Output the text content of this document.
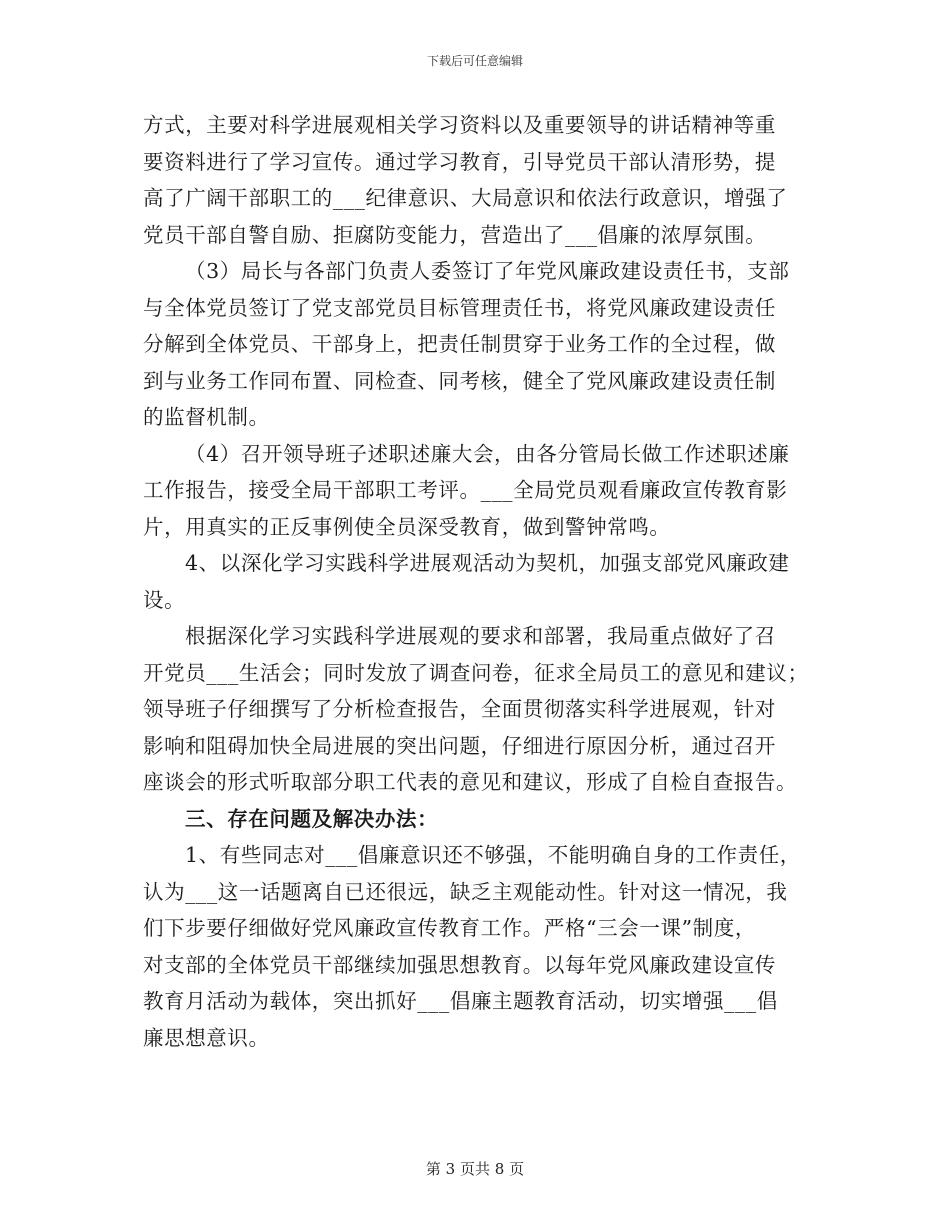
下载后可任意编辑
方式，主要对科学进展观相关学习资料以及重要领导的讲话精神等重
要资料进行了学习宣传。通过学习教育，引导党员干部认清形势，提
高了广阔干部职工的___纪律意识、大局意识和依法行政意识，增强了
党员干部自警自励、拒腐防变能力，营造出了___倡廉的浓厚氛围。
（3）局长与各部门负责人委签订了年党风廉政建设责任书，支部
与全体党员签订了党支部党员目标管理责任书，将党风廉政建设责任
分解到全体党员、干部身上，把责任制贯穿于业务工作的全过程，做
到与业务工作同布置、同检查、同考核，健全了党风廉政建设责任制
的监督机制。
（4）召开领导班子述职述廉大会，由各分管局长做工作述职述廉
工作报告，接受全局干部职工考评。___全局党员观看廉政宣传教育影
片，用真实的正反事例使全员深受教育，做到警钟常鸣。
4、以深化学习实践科学进展观活动为契机，加强支部党风廉政建
设。
根据深化学习实践科学进展观的要求和部署，我局重点做好了召
开党员___生活会；同时发放了调查问卷，征求全局员工的意见和建议；
领导班子仔细撰写了分析检查报告，全面贯彻落实科学进展观，针对
影响和阻碍加快全局进展的突出问题，仔细进行原因分析，通过召开
座谈会的形式听取部分职工代表的意见和建议，形成了自检自查报告。
三、存在问题及解决办法：
1、有些同志对___倡廉意识还不够强，不能明确自身的工作责任，
认为___这一话题离自已还很远，缺乏主观能动性。针对这一情况，我
们下步要仔细做好党风廉政宣传教育工作。严格“三会一课”制度，
对支部的全体党员干部继续加强思想教育。以每年党风廉政建设宣传
教育月活动为载体，突出抓好___倡廉主题教育活动，切实增强___倡
廉思想意识。
第 3 页共 8 页
